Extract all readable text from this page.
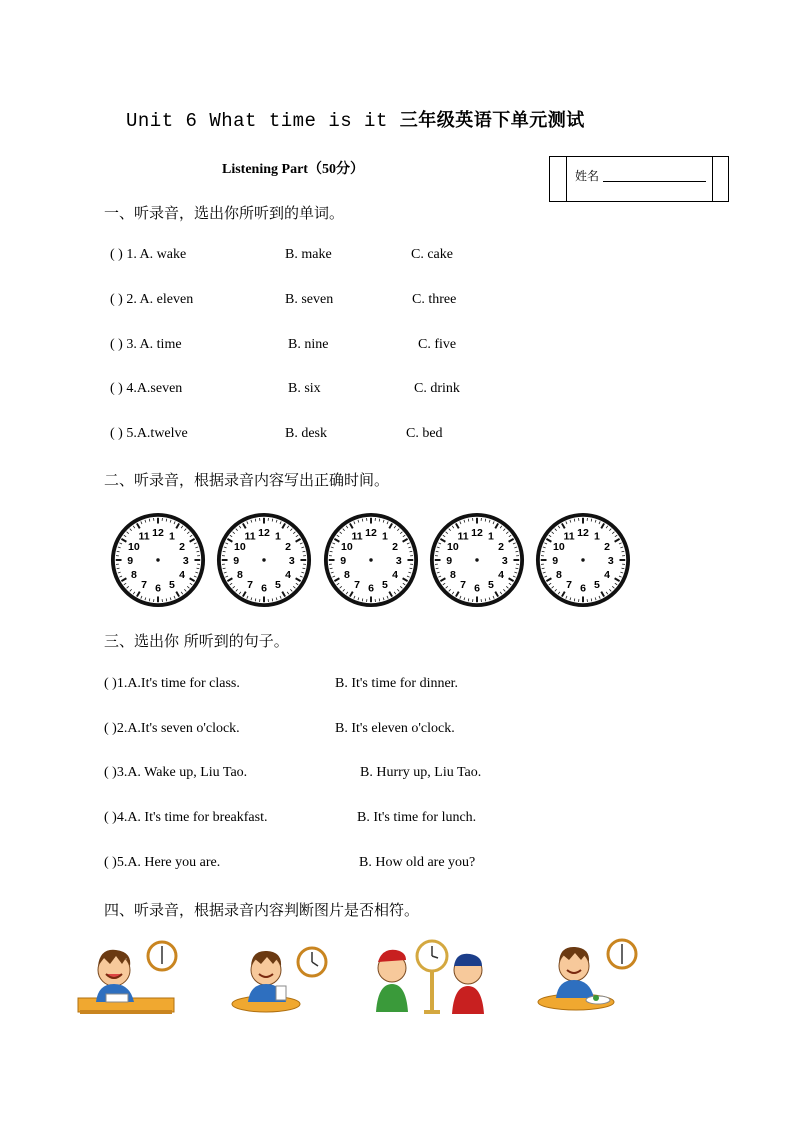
Unit 6 What time is it 三年级英语下单元测试
Listening Part（50分）	姓名
一、听录音，选出你所听到的单词。
( ) 1. A. wake	B. make	C. cake
( ) 2. A. eleven	B. seven	C. three
( ) 3. A. time	B. nine	C. five
( ) 4.A.seven	B. six	C. drink
( ) 5.A.twelve	B. desk	C. bed
二、听录音，根据录音内容写出正确时间。
12 1
2
3
4
5
6
7
8
9
10
11	12 1
2
3
4
5
6
7
8
9
10
11	12 1
2
3
4
5
6
7
8
9
10
11	12 1
2
3
4
5
6
7
8
9
10
11	12 1
2
3
4
5
6
7
8
9
10
11
三、选出你 所听到的句子。
( )1.A.It's time for class.	B. It's time for dinner.
( )2.A.It's seven o'clock.	B. It's eleven o'clock.
( )3.A. Wake up, Liu Tao.	B. Hurry up, Liu Tao.
( )4.A. It's time for breakfast.	B. It's time for lunch.
( )5.A. Here you are.	B. How old are you?
四、听录音，根据录音内容判断图片是否相符。
